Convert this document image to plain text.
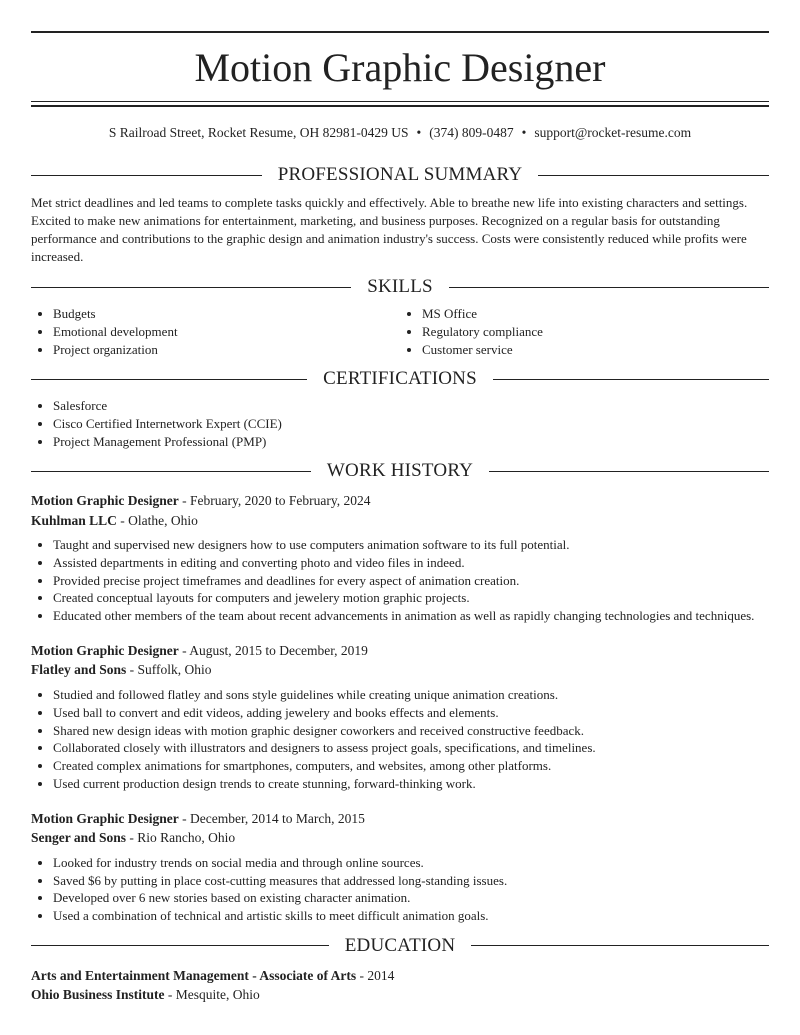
Motion Graphic Designer
S Railroad Street, Rocket Resume, OH 82981-0429 US • (374) 809-0487 • support@rocket-resume.com
PROFESSIONAL SUMMARY

Met strict deadlines and led teams to complete tasks quickly and effectively. Able to breathe new life into existing characters and settings. Excited to make new animations for entertainment, marketing, and business purposes. Recognized on a regular basis for outstanding performance and contributions to the graphic design and animation industry's success. Costs were consistently reduced while profits were increased.

SKILLS
• Budgets
• Emotional development
• Project organization
• MS Office
• Regulatory compliance
• Customer service
CERTIFICATIONS
• Salesforce
• Cisco Certified Internetwork Expert (CCIE)
• Project Management Professional (PMP)
WORK HISTORY
Motion Graphic Designer - February, 2020 to February, 2024
Kuhlman LLC - Olathe, Ohio
• Taught and supervised new designers how to use computers animation software to its full potential.
• Assisted departments in editing and converting photo and video files in indeed.
• Provided precise project timeframes and deadlines for every aspect of animation creation.
• Created conceptual layouts for computers and jewelery motion graphic projects.
• Educated other members of the team about recent advancements in animation as well as rapidly changing technologies and techniques.
Motion Graphic Designer - August, 2015 to December, 2019
Flatley and Sons - Suffolk, Ohio
• Studied and followed flatley and sons style guidelines while creating unique animation creations.
• Used ball to convert and edit videos, adding jewelery and books effects and elements.
• Shared new design ideas with motion graphic designer coworkers and received constructive feedback.
• Collaborated closely with illustrators and designers to assess project goals, specifications, and timelines.
• Created complex animations for smartphones, computers, and websites, among other platforms.
• Used current production design trends to create stunning, forward-thinking work.
Motion Graphic Designer - December, 2014 to March, 2015
Senger and Sons - Rio Rancho, Ohio
• Looked for industry trends on social media and through online sources.
• Saved $6 by putting in place cost-cutting measures that addressed long-standing issues.
• Developed over 6 new stories based on existing character animation.
• Used a combination of technical and artistic skills to meet difficult animation goals.
EDUCATION
Arts and Entertainment Management - Associate of Arts - 2014
Ohio Business Institute - Mesquite, Ohio
